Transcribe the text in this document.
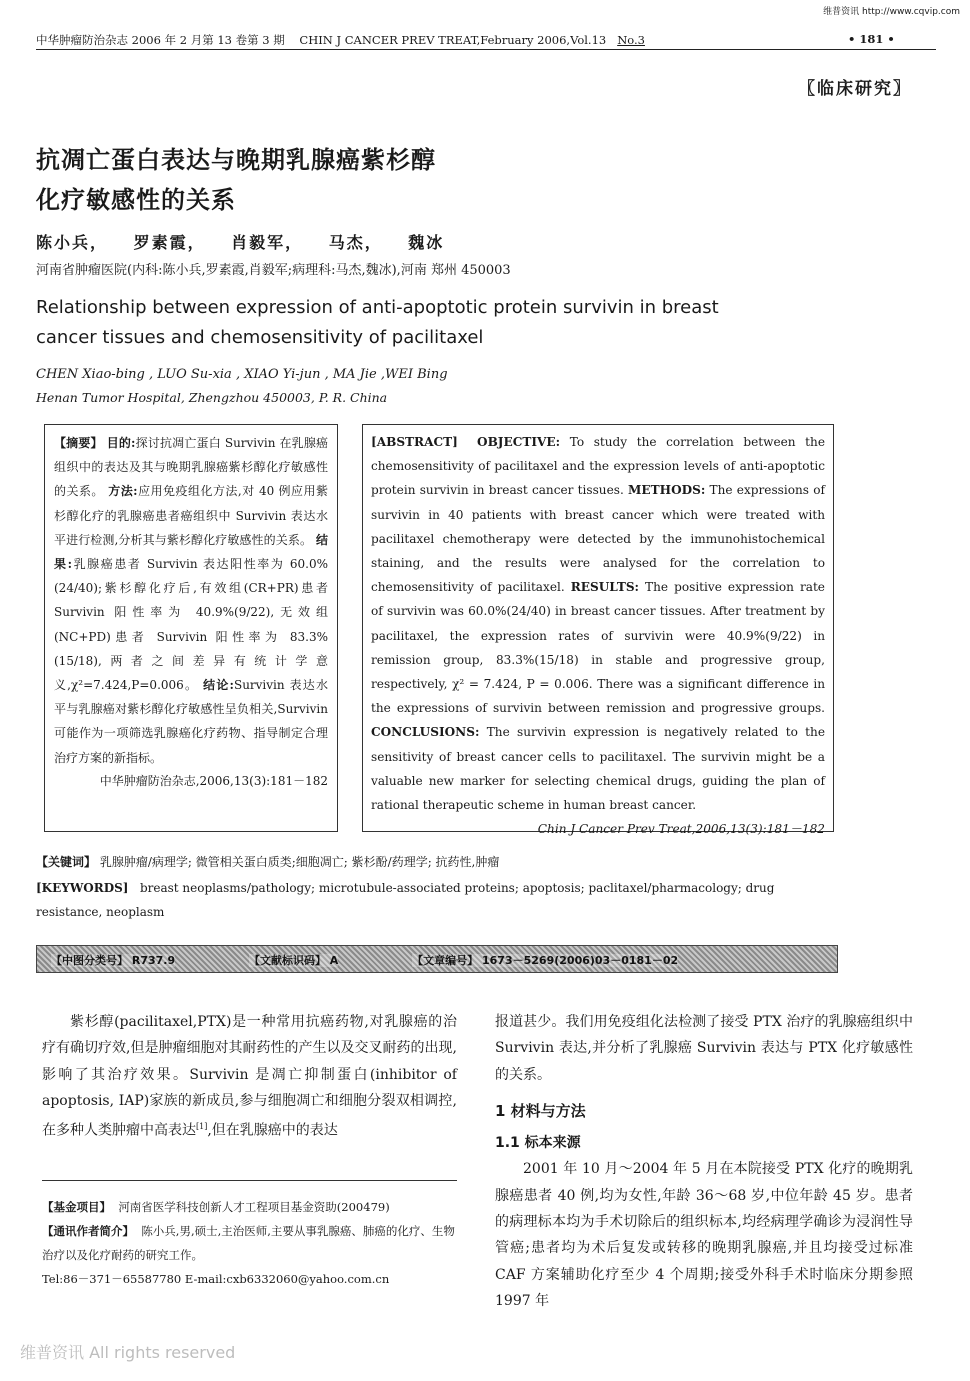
维普资讯 http://www.cqvip.com
中华肿瘤防治杂志 2006 年 2 月第 13 卷第 3 期 CHIN J CANCER PREV TREAT,February 2006,Vol.13 No.3	• 181 •
〖临床研究〗
抗凋亡蛋白表达与晚期乳腺癌紫杉醇
化疗敏感性的关系
陈小兵， 罗素霞， 肖毅军， 马杰， 魏冰
河南省肿瘤医院(内科:陈小兵,罗素霞,肖毅军;病理科:马杰,魏冰),河南 郑州 450003
Relationship between expression of anti-apoptotic protein survivin in breast cancer tissues and chemosensitivity of pacilitaxel
CHEN Xiao-bing , LUO Su-xia , XIAO Yi-jun , MA Jie ,WEI Bing
Henan Tumor Hospital, Zhengzhou 450003, P. R. China
【摘要】 目的:探讨抗凋亡蛋白 Survivin 在乳腺癌组织中的表达及其与晚期乳腺癌紫杉醇化疗敏感性的关系。 方法:应用免疫组化方法,对 40 例应用紫杉醇化疗的乳腺癌患者癌组织中 Survivin 表达水平进行检测,分析其与紫杉醇化疗敏感性的关系。 结果:乳腺癌患者 Survivin 表达阳性率为 60.0%(24/40);紫杉醇化疗后,有效组(CR+PR)患者 Survivin 阳性率为 40.9%(9/22),无效组(NC+PD)患者 Survivin 阳性率为 83.3%(15/18),两者之间差异有统计学意义,χ²=7.424,P=0.006。 结论:Survivin 表达水平与乳腺癌对紫杉醇化疗敏感性呈负相关,Survivin 可能作为一项筛选乳腺癌化疗药物、指导制定合理治疗方案的新指标。
中华肿瘤防治杂志,2006,13(3):181－182
[ABSTRACT] OBJECTIVE: To study the correlation between the chemosensitivity of pacilitaxel and the expression levels of anti-apoptotic protein survivin in breast cancer tissues. METHODS: The expressions of survivin in 40 patients with breast cancer which were treated with pacilitaxel chemotherapy were detected by the immunohistochemical staining, and the results were analysed for the correlation to chemosensitivity of pacilitaxel. RESULTS: The positive expression rate of survivin was 60.0%(24/40) in breast cancer tissues. After treatment by pacilitaxel, the expression rates of survivin were 40.9%(9/22) in remission group, 83.3%(15/18) in stable and progressive group, respectively, χ² = 7.424, P = 0.006. There was a significant difference in the expressions of survivin between remission and progressive groups. CONCLUSIONS: The survivin expression is negatively related to the sensitivity of breast cancer cells to pacilitaxel. The survivin might be a valuable new marker for selecting chemical drugs, guiding the plan of rational therapeutic scheme in human breast cancer.
Chin J Cancer Prev Treat,2006,13(3):181－182
【关键词】 乳腺肿瘤/病理学; 微管相关蛋白质类;细胞凋亡; 紫杉酚/药理学; 抗药性,肿瘤
[KEYWORDS] breast neoplasms/pathology; microtubule-associated proteins; apoptosis; paclitaxel/pharmacology; drug resistance, neoplasm
【中图分类号】 R737.9	【文献标识码】 A	【文章编号】 1673－5269(2006)03－0181－02
紫杉醇(pacilitaxel,PTX)是一种常用抗癌药物,对乳腺癌的治疗有确切疗效,但是肿瘤细胞对其耐药性的产生以及交叉耐药的出现,影响了其治疗效果。Survivin 是凋亡抑制蛋白(inhibitor of apoptosis, IAP)家族的新成员,参与细胞凋亡和细胞分裂双相调控,在多种人类肿瘤中高表达[1],但在乳腺癌中的表达
【基金项目】 河南省医学科技创新人才工程项目基金资助(200479)
【通讯作者简介】 陈小兵,男,硕士,主治医师,主要从事乳腺癌、肺癌的化疗、生物治疗以及化疗耐药的研究工作。
Tel:86－371－65587780 E-mail:cxb6332060@yahoo.com.cn
报道甚少。我们用免疫组化法检测了接受 PTX 治疗的乳腺癌组织中 Survivin 表达,并分析了乳腺癌 Survivin 表达与 PTX 化疗敏感性的关系。
1 材料与方法
1.1 标本来源
2001 年 10 月～2004 年 5 月在本院接受 PTX 化疗的晚期乳腺癌患者 40 例,均为女性,年龄 36～68 岁,中位年龄 45 岁。患者的病理标本均为手术切除后的组织标本,均经病理学确诊为浸润性导管癌;患者均为术后复发或转移的晚期乳腺癌,并且均接受过标准 CAF 方案辅助化疗至少 4 个周期;接受外科手术时临床分期参照 1997 年
维普资讯 All rights reserved
